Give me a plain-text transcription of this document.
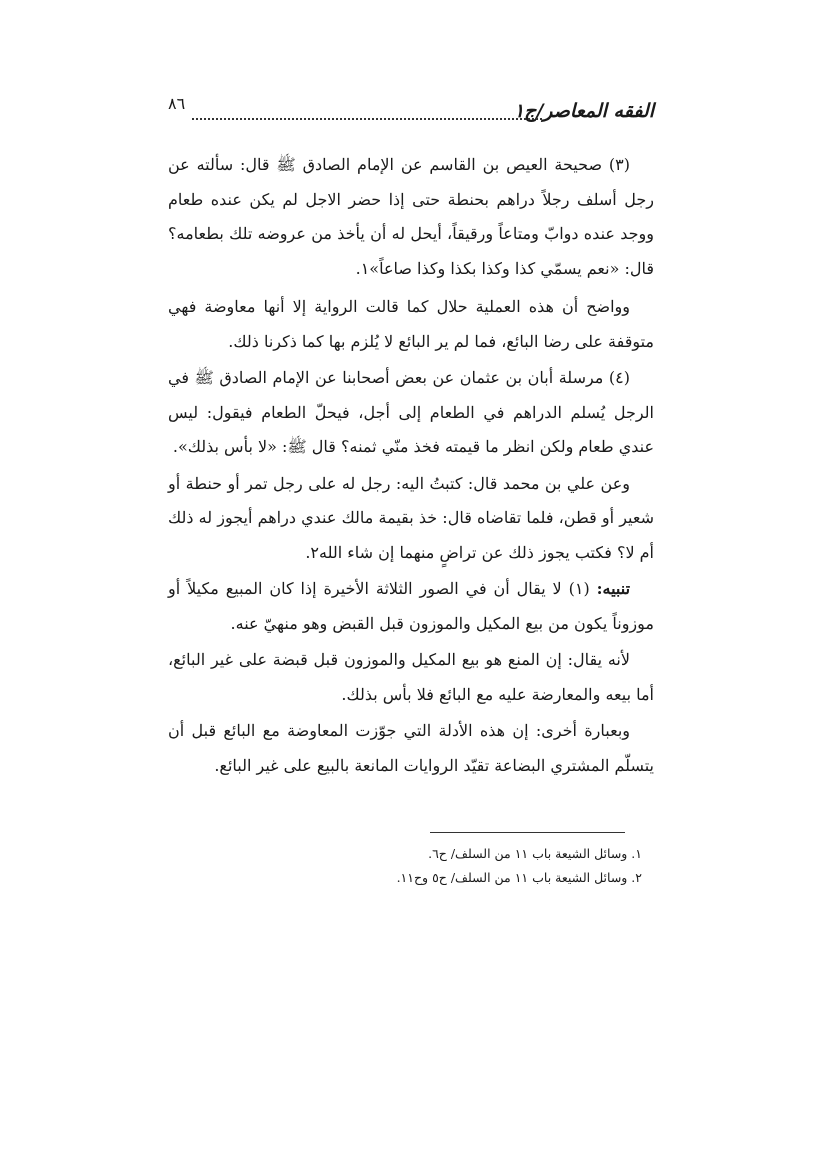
الفقه المعاصر/ج١
٨٦

(٣) صحيحة العيص بن القاسم عن الإمام الصادق ﷺ قال: سألته عن رجل أسلف رجلاً دراهم بحنطة حتى إذا حضر الاجل لم يكن عنده طعام ووجد عنده دوابّ ومتاعاً ورقيقاً، أيحل له أن يأخذ من عروضه تلك بطعامه؟ قال: «نعم يسمّي كذا وكذا بكذا وكذا صاعاً»١.

وواضح أن هذه العملية حلال كما قالت الرواية إلا أنها معاوضة فهي متوقفة على رضا البائع، فما لم ير البائع لا يُلزم بها كما ذكرنا ذلك.

(٤) مرسلة أبان بن عثمان عن بعض أصحابنا عن الإمام الصادق ﷺ في الرجل يُسلم الدراهم في الطعام إلى أجل، فيحلّ الطعام فيقول: ليس عندي طعام ولكن انظر ما قيمته فخذ منّي ثمنه؟ قال ﷺ: «لا بأس بذلك».

وعن علي بن محمد قال: كتبتُ اليه: رجل له على رجل تمر أو حنطة أو شعير أو قطن، فلما تقاضاه قال: خذ بقيمة مالك عندي دراهم أيجوز له ذلك أم لا؟ فكتب يجوز ذلك عن تراضٍ منهما إن شاء الله٢.

تنبيه: (١) لا يقال أن في الصور الثلاثة الأخيرة إذا كان المبيع مكيلاً أو موزوناً يكون من بيع المكيل والموزون قبل القبض وهو منهيّ عنه.

لأنه يقال: إن المنع هو بيع المكيل والموزون قبل قبضة على غير البائع، أما بيعه والمعارضة عليه مع البائع فلا بأس بذلك.

وبعبارة أخرى: إن هذه الأدلة التي جوّزت المعاوضة مع البائع قبل أن يتسلّم المشتري البضاعة تقيّد الروايات المانعة بالبيع على غير البائع.

١. وسائل الشيعة باب ١١ من السلف/ ح٦.

٢. وسائل الشيعة باب ١١ من السلف/ ح٥ وح١١.
